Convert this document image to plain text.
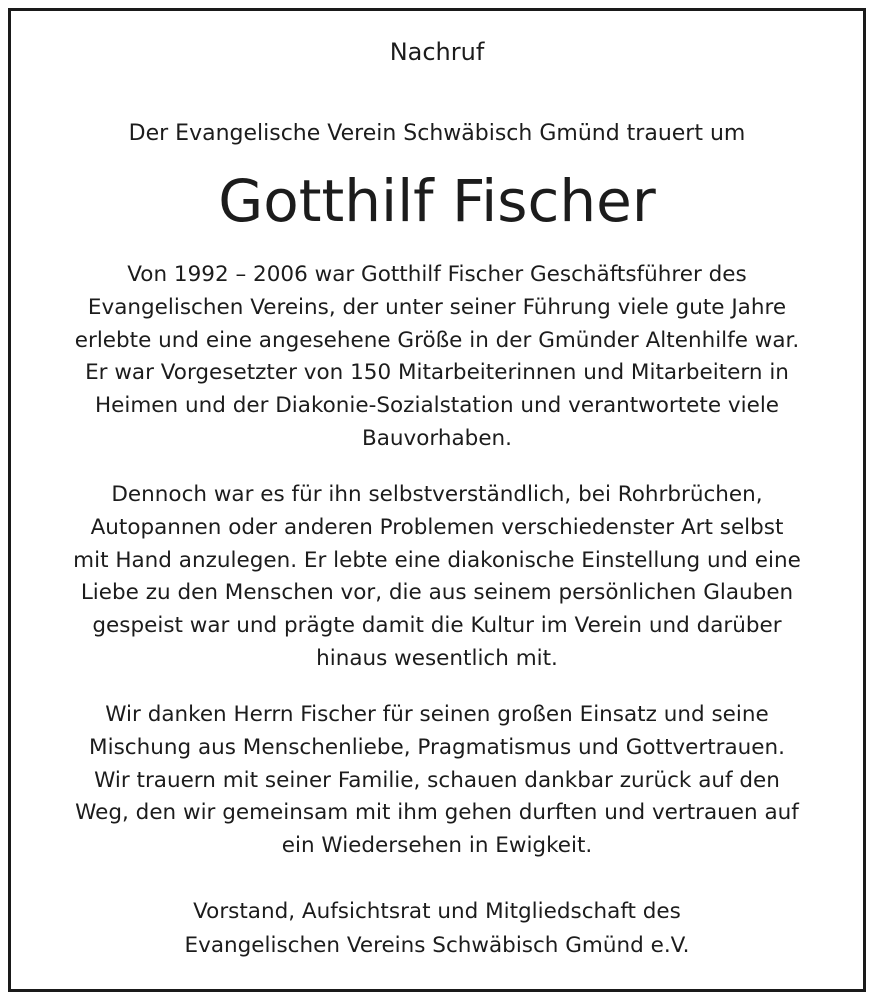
Nachruf
Der Evangelische Verein Schwäbisch Gmünd trauert um
Gotthilf Fischer
Von 1992 – 2006 war Gotthilf Fischer Geschäftsführer des
Evangelischen Vereins, der unter seiner Führung viele gute Jahre
erlebte und eine angesehene Größe in der Gmünder Altenhilfe war.
Er war Vorgesetzter von 150 Mitarbeiterinnen und Mitarbeitern in
Heimen und der Diakonie-Sozialstation und verantwortete viele
Bauvorhaben.
Dennoch war es für ihn selbstverständlich, bei Rohrbrüchen,
Autopannen oder anderen Problemen verschiedenster Art selbst
mit Hand anzulegen. Er lebte eine diakonische Einstellung und eine
Liebe zu den Menschen vor, die aus seinem persönlichen Glauben
gespeist war und prägte damit die Kultur im Verein und darüber
hinaus wesentlich mit.
Wir danken Herrn Fischer für seinen großen Einsatz und seine
Mischung aus Menschenliebe, Pragmatismus und Gottvertrauen.
Wir trauern mit seiner Familie, schauen dankbar zurück auf den
Weg, den wir gemeinsam mit ihm gehen durften und vertrauen auf
ein Wiedersehen in Ewigkeit.
Vorstand, Aufsichtsrat und Mitgliedschaft des
Evangelischen Vereins Schwäbisch Gmünd e.V.
